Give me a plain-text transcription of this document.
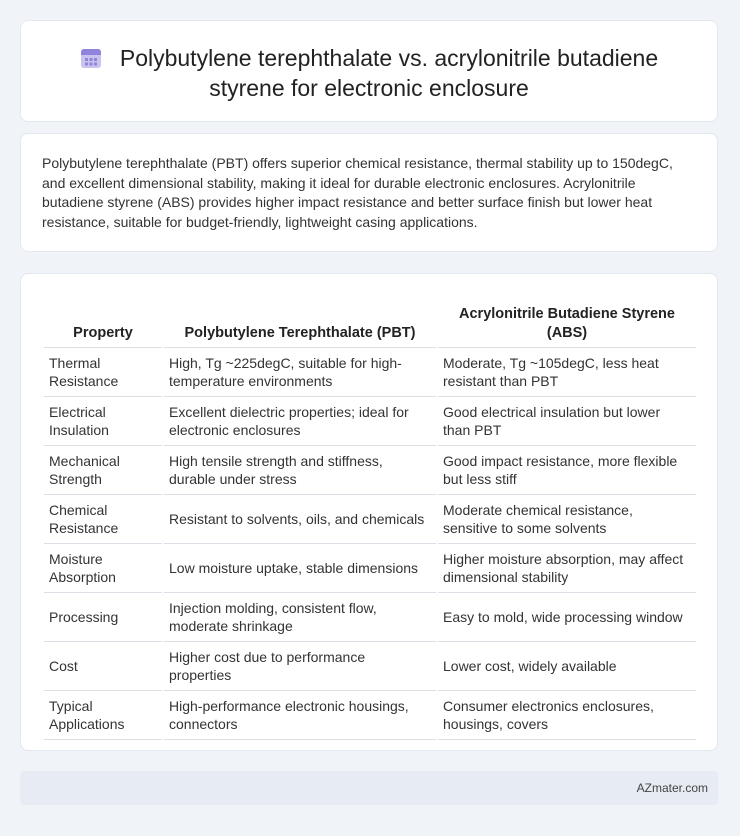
Polybutylene terephthalate vs. acrylonitrile butadiene
styrene for electronic enclosure
Polybutylene terephthalate (PBT) offers superior chemical resistance, thermal stability up to 150degC, and excellent dimensional stability, making it ideal for durable electronic enclosures. Acrylonitrile butadiene styrene (ABS) provides higher impact resistance and better surface finish but lower heat resistance, suitable for budget-friendly, lightweight casing applications.
Property	Polybutylene Terephthalate (PBT)	Acrylonitrile Butadiene Styrene (ABS)
Thermal Resistance	High, Tg ~225degC, suitable for high-temperature environments	Moderate, Tg ~105degC, less heat resistant than PBT
Electrical Insulation	Excellent dielectric properties; ideal for electronic enclosures	Good electrical insulation but lower than PBT
Mechanical Strength	High tensile strength and stiffness, durable under stress	Good impact resistance, more flexible but less stiff
Chemical Resistance	Resistant to solvents, oils, and chemicals	Moderate chemical resistance, sensitive to some solvents
Moisture Absorption	Low moisture uptake, stable dimensions	Higher moisture absorption, may affect dimensional stability
Processing	Injection molding, consistent flow, moderate shrinkage	Easy to mold, wide processing window
Cost	Higher cost due to performance properties	Lower cost, widely available
Typical Applications	High-performance electronic housings, connectors	Consumer electronics enclosures, housings, covers
AZmater.com
